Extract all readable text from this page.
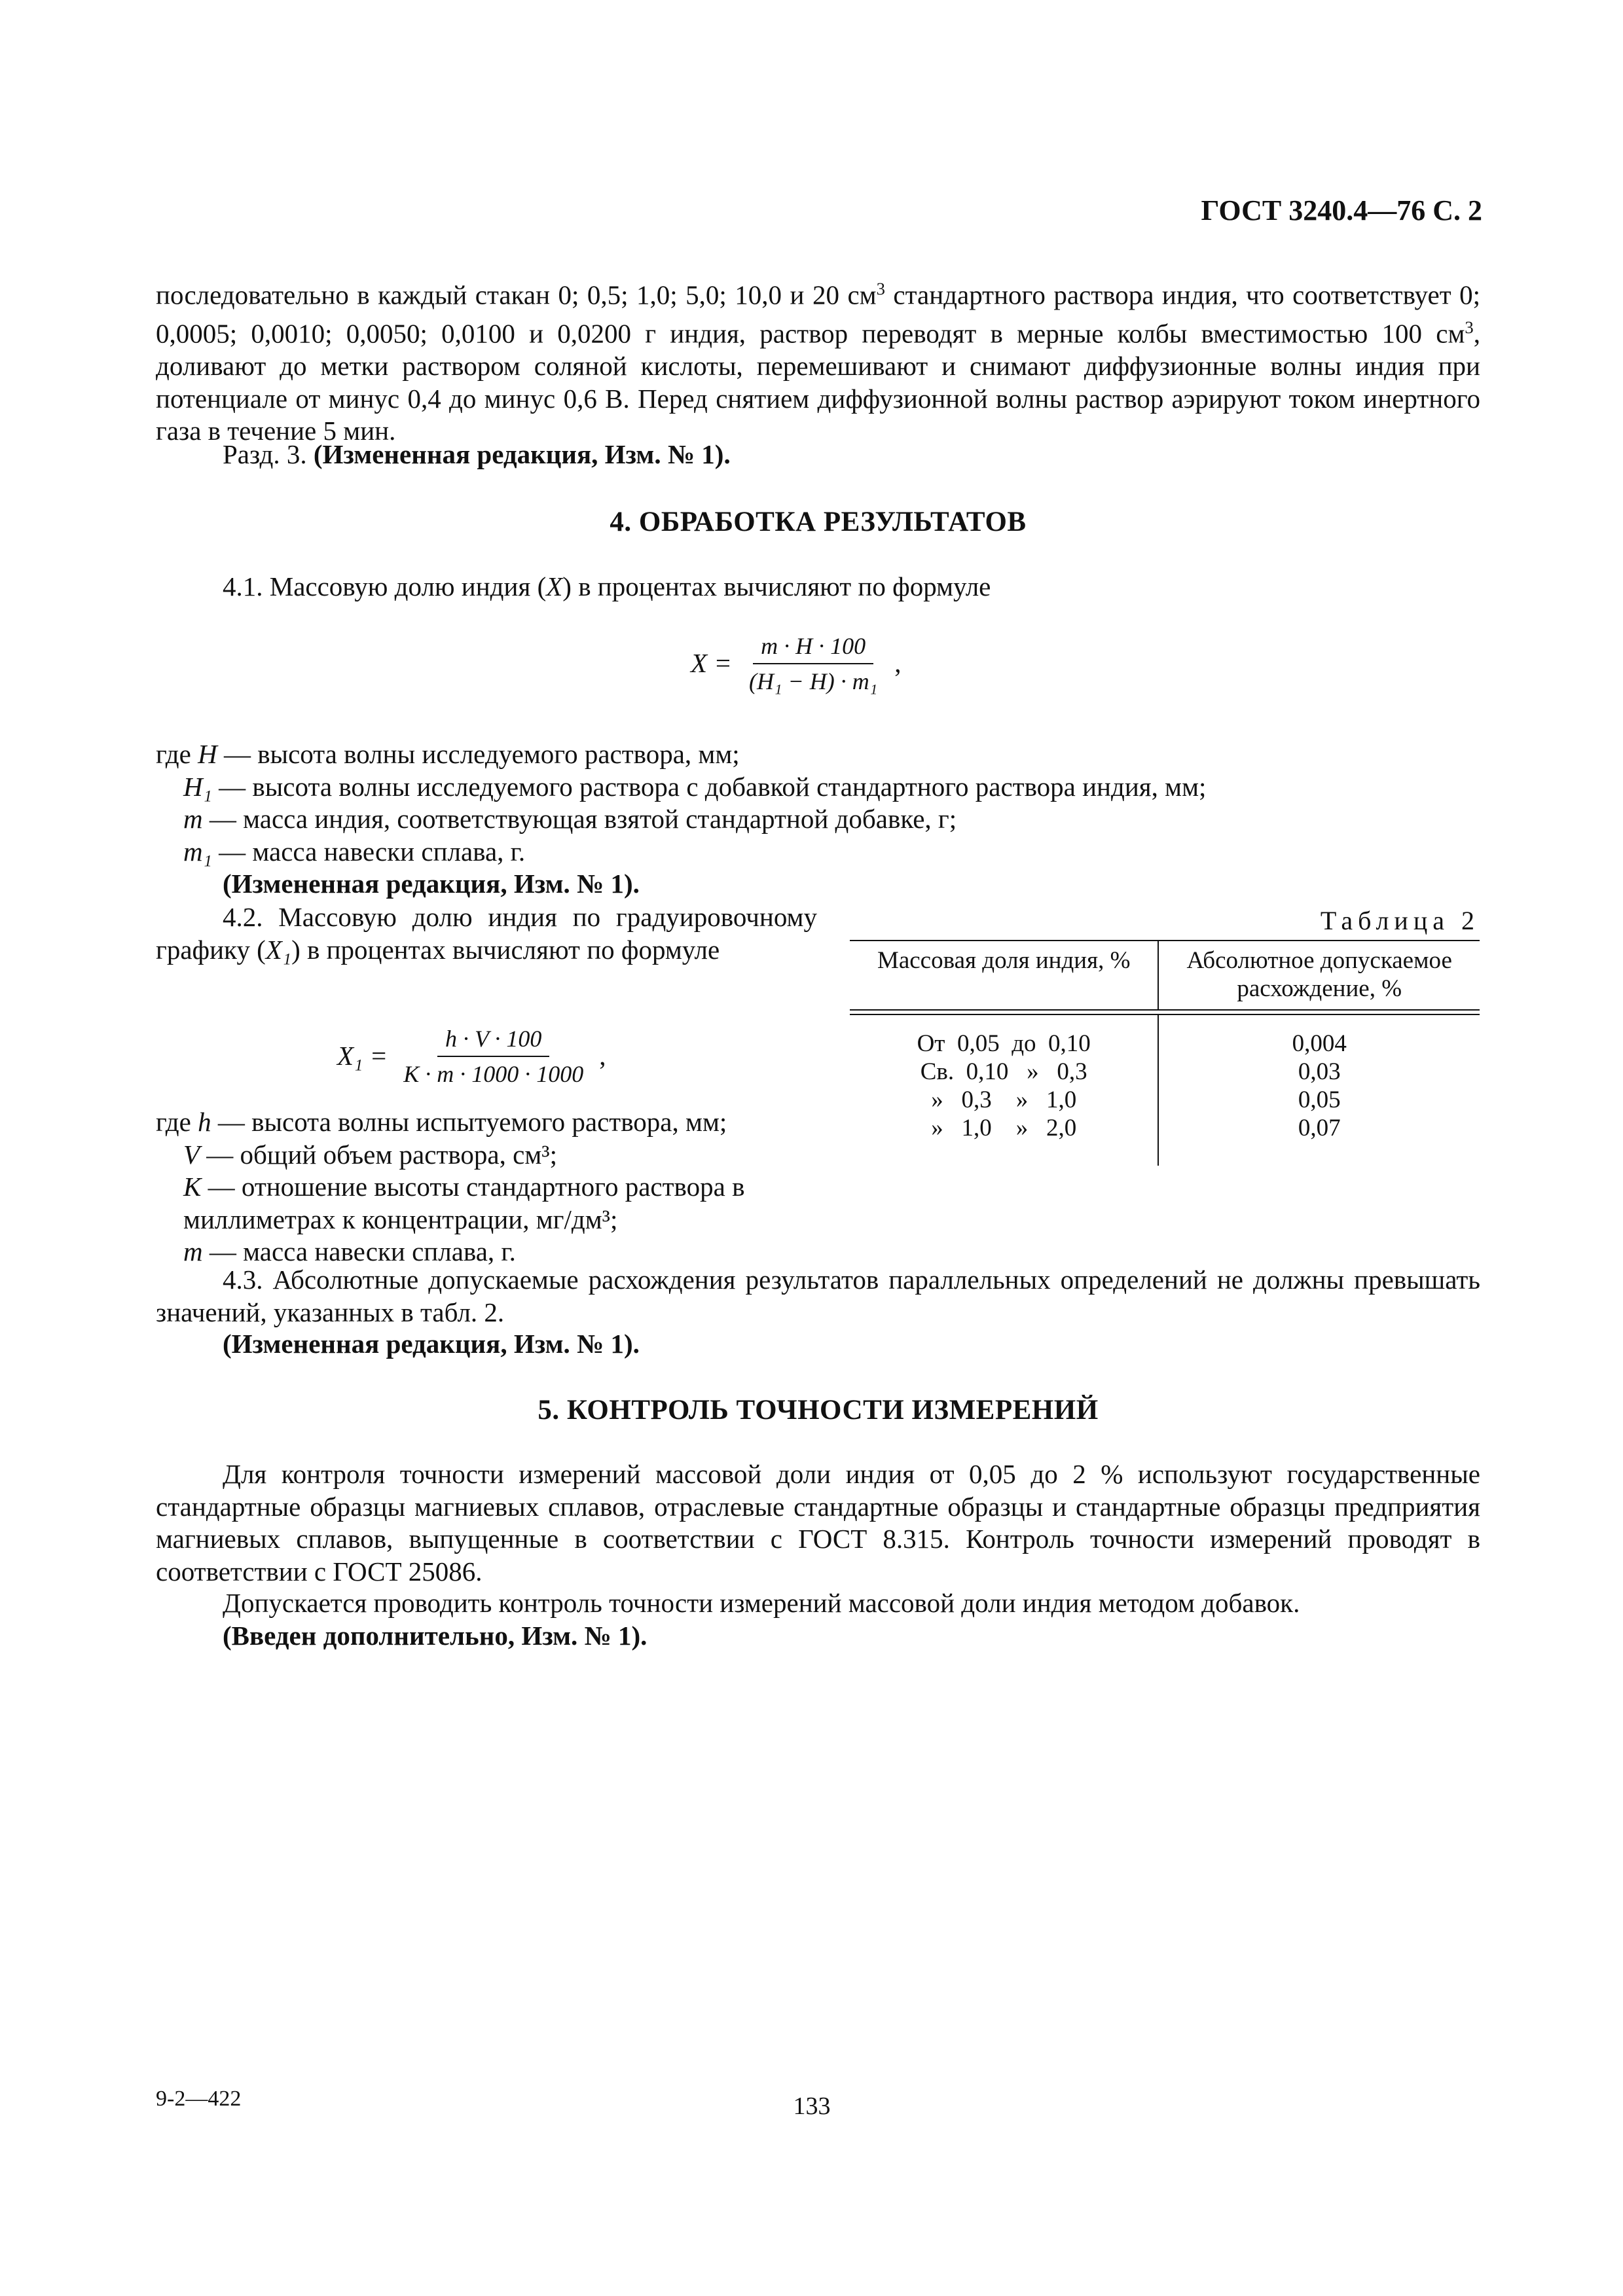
ГОСТ 3240.4—76 С. 2
последовательно в каждый стакан 0; 0,5; 1,0; 5,0; 10,0 и 20 $см^3$ стандартного раствора индия, что соответствует 0; 0,0005; 0,0010; 0,0050; 0,0100 и 0,0200 г индия, раствор переводят в мерные колбы вместимостью 100 $см^3$, доливают до метки раствором соляной кислоты, перемешивают и снимают диффузионные волны индия при потенциале от минус 0,4 до минус 0,6 В. Перед снятием диффузионной волны раствор аэрируют током инертного газа в течение 5 мин.
Разд. 3. (Измененная редакция, Изм. № 1).
4. ОБРАБОТКА РЕЗУЛЬТАТОВ
4.1. Массовую долю индия (X) в процентах вычисляют по формуле
$X = \frac{m \cdot H \cdot 100}{\text{(H₁ − H) · m₁}}$ ,
где H — высота волны исследуемого раствора, мм;
H₁ — высота волны исследуемого раствора с добавкой стандартного раствора индия, мм;
m — масса индия, соответствующая взятой стандартной добавке, г;
m₁ — масса навески сплава, г.
(Измененная редакция, Изм. № 1).
4.2. Массовую долю индия по градуировочному графику (X₁) в процентах вычисляют по формуле
$X_1 = \frac{h \cdot V \cdot 100}{K \cdot m \cdot 1000 \cdot 1000}$ ,
где h — высота волны испытуемого раствора, мм;
V — общий объем раствора, см³;
K — отношение высоты стандартного раствора в миллиметрах к концентрации, мг/дм³;
m — масса навески сплава, г.
Таблица 2
Массовая доля индия, %	Абсолютное допускаемое расхождение, %

От  0,05  до  0,10	0,004
Св.  0,10   »   0,3	0,03
»   0,3    »   1,0	0,05
»   1,0    »   2,0	0,07
4.3. Абсолютные допускаемые расхождения результатов параллельных определений не должны превышать значений, указанных в табл. 2.
(Измененная редакция, Изм. № 1).
5. КОНТРОЛЬ ТОЧНОСТИ ИЗМЕРЕНИЙ
Для контроля точности измерений массовой доли индия от 0,05 до 2 % используют государственные стандартные образцы магниевых сплавов, отраслевые стандартные образцы и стандартные образцы предприятия магниевых сплавов, выпущенные в соответствии с ГОСТ 8.315. Контроль точности измерений проводят в соответствии с ГОСТ 25086.
Допускается проводить контроль точности измерений массовой доли индия методом добавок.
(Введен дополнительно, Изм. № 1).
9-2—422	133
